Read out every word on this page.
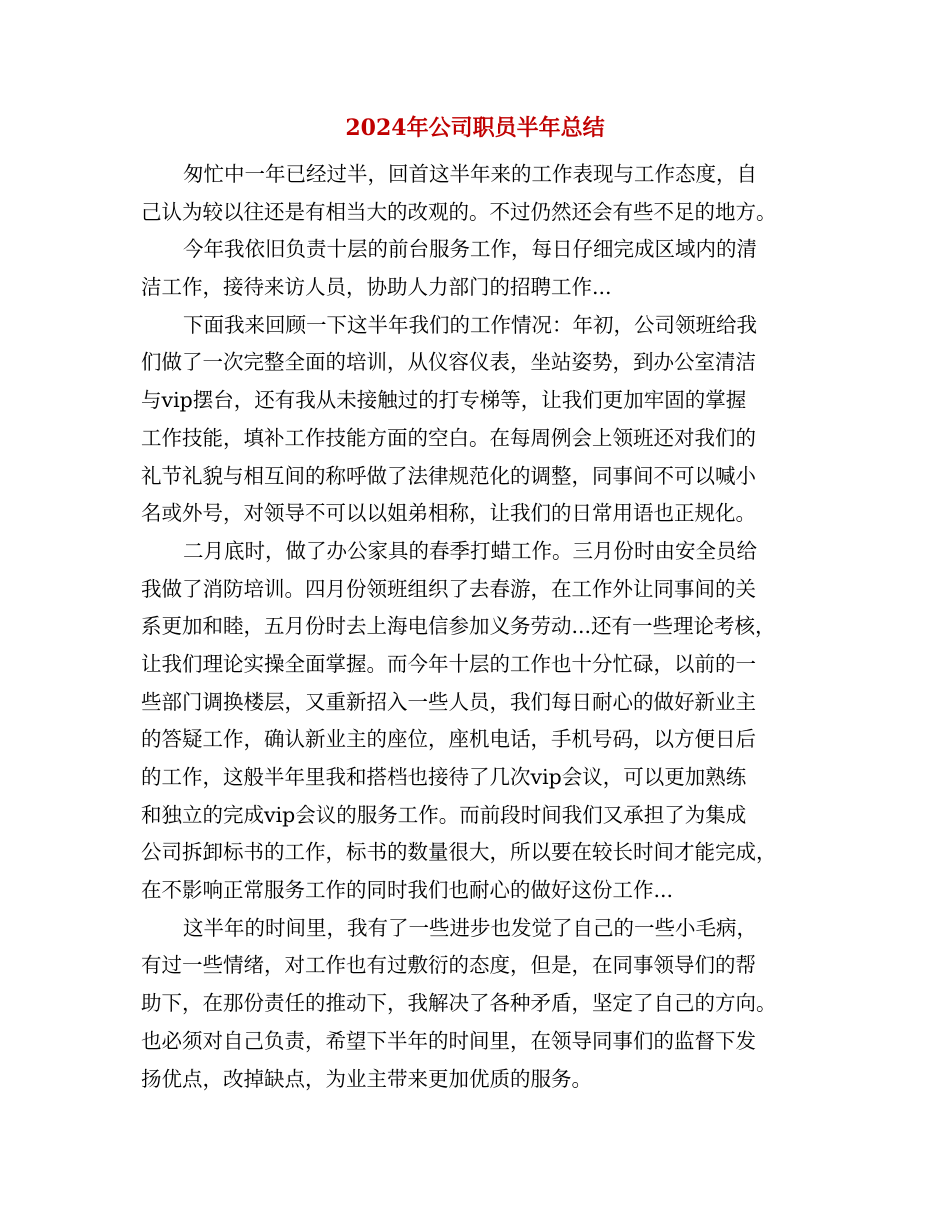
2024年公司职员半年总结
匆忙中一年已经过半，回首这半年来的工作表现与工作态度，自
己认为较以往还是有相当大的改观的。不过仍然还会有些不足的地方。
今年我依旧负责十层的前台服务工作，每日仔细完成区域内的清
洁工作，接待来访人员，协助人力部门的招聘工作...
下面我来回顾一下这半年我们的工作情况：年初，公司领班给我
们做了一次完整全面的培训，从仪容仪表，坐站姿势，到办公室清洁
与vip摆台，还有我从未接触过的打专梯等，让我们更加牢固的掌握
工作技能，填补工作技能方面的空白。在每周例会上领班还对我们的
礼节礼貌与相互间的称呼做了法律规范化的调整，同事间不可以喊小
名或外号，对领导不可以以姐弟相称，让我们的日常用语也正规化。
二月底时，做了办公家具的春季打蜡工作。三月份时由安全员给
我做了消防培训。四月份领班组织了去春游，在工作外让同事间的关
系更加和睦，五月份时去上海电信参加义务劳动...还有一些理论考核，
让我们理论实操全面掌握。而今年十层的工作也十分忙碌，以前的一
些部门调换楼层，又重新招入一些人员，我们每日耐心的做好新业主
的答疑工作，确认新业主的座位，座机电话，手机号码，以方便日后
的工作，这般半年里我和搭档也接待了几次vip会议，可以更加熟练
和独立的完成vip会议的服务工作。而前段时间我们又承担了为集成
公司拆卸标书的工作，标书的数量很大，所以要在较长时间才能完成，
在不影响正常服务工作的同时我们也耐心的做好这份工作...
这半年的时间里，我有了一些进步也发觉了自己的一些小毛病，
有过一些情绪，对工作也有过敷衍的态度，但是，在同事领导们的帮
助下，在那份责任的推动下，我解决了各种矛盾，坚定了自己的方向。
也必须对自己负责，希望下半年的时间里，在领导同事们的监督下发
扬优点，改掉缺点，为业主带来更加优质的服务。
